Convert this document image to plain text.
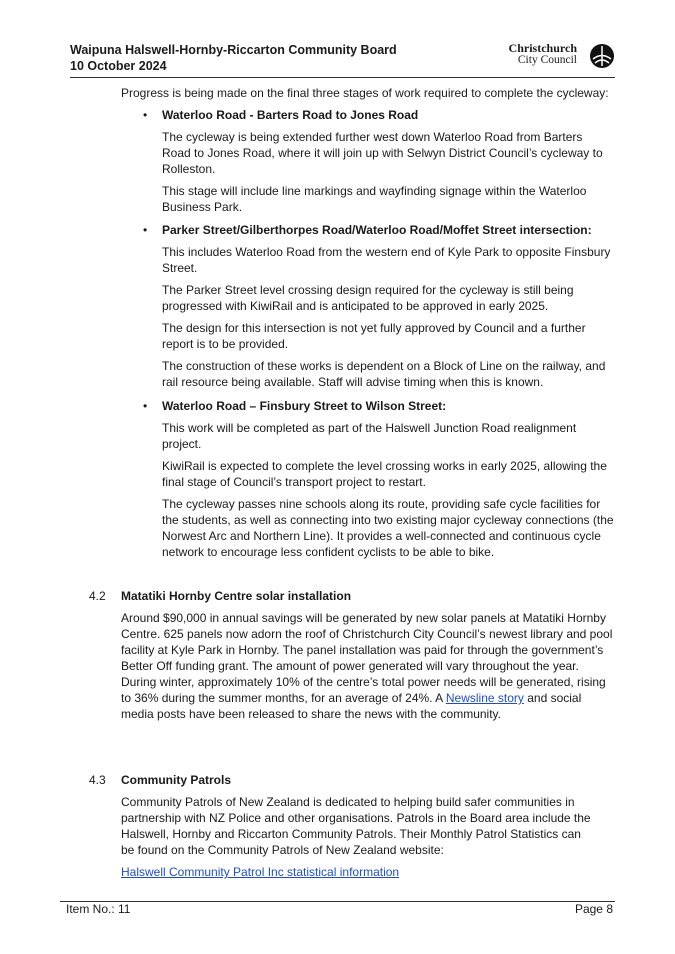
Waipuna Halswell-Hornby-Riccarton Community Board
10 October 2024
Christchurch
City Council

Progress is being made on the final three stages of work required to complete the cycleway:

• Waterloo Road - Barters Road to Jones Road

The cycleway is being extended further west down Waterloo Road from Barters Road to Jones Road, where it will join up with Selwyn District Council’s cycleway to Rolleston.

This stage will include line markings and wayfinding signage within the Waterloo Business Park.

• Parker Street/Gilberthorpes Road/Waterloo Road/Moffet Street intersection:

This includes Waterloo Road from the western end of Kyle Park to opposite Finsbury Street.

The Parker Street level crossing design required for the cycleway is still being progressed with KiwiRail and is anticipated to be approved in early 2025.

The design for this intersection is not yet fully approved by Council and a further report is to be provided.

The construction of these works is dependent on a Block of Line on the railway, and rail resource being available. Staff will advise timing when this is known.

• Waterloo Road – Finsbury Street to Wilson Street:

This work will be completed as part of the Halswell Junction Road realignment project.

KiwiRail is expected to complete the level crossing works in early 2025, allowing the final stage of Council’s transport project to restart.

The cycleway passes nine schools along its route, providing safe cycle facilities for the students, as well as connecting into two existing major cycleway connections (the Norwest Arc and Northern Line). It provides a well-connected and continuous cycle network to encourage less confident cyclists to be able to bike.

4.2 Matatiki Hornby Centre solar installation

Around $90,000 in annual savings will be generated by new solar panels at Matatiki Hornby Centre. 625 panels now adorn the roof of Christchurch City Council’s newest library and pool facility at Kyle Park in Hornby. The panel installation was paid for through the government’s Better Off funding grant. The amount of power generated will vary throughout the year. During winter, approximately 10% of the centre’s total power needs will be generated, rising to 36% during the summer months, for an average of 24%. A Newsline story and social media posts have been released to share the news with the community.

4.3 Community Patrols

Community Patrols of New Zealand is dedicated to helping build safer communities in partnership with NZ Police and other organisations. Patrols in the Board area include the Halswell, Hornby and Riccarton Community Patrols. Their Monthly Patrol Statistics can be found on the Community Patrols of New Zealand website:

Halswell Community Patrol Inc statistical information

Item No.: 11	Page 8
